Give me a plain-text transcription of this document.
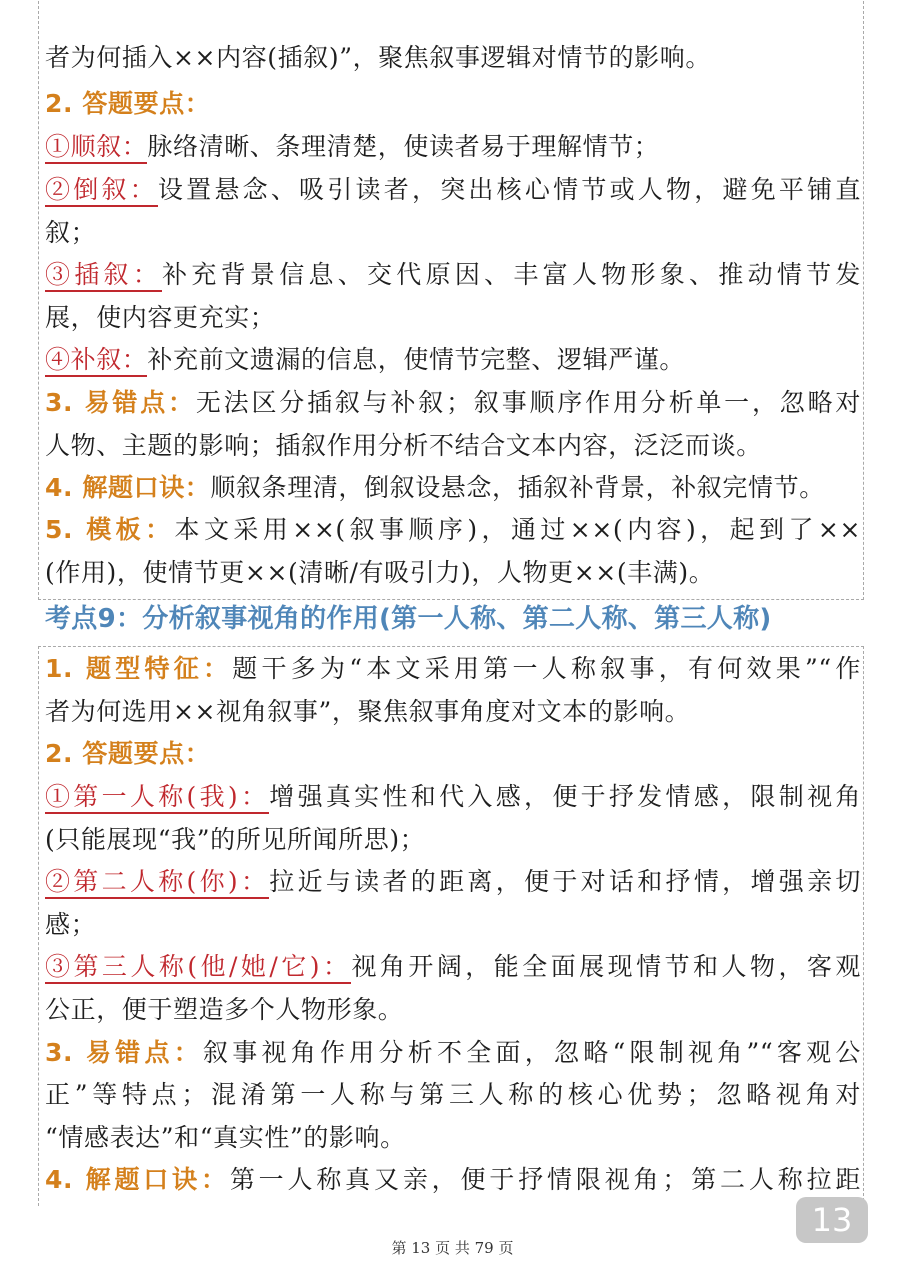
者为何插入××内容(插叙)”，聚焦叙事逻辑对情节的影响。
2. 答题要点：
①顺叙：脉络清晰、条理清楚，使读者易于理解情节；
②倒叙：设置悬念、吸引读者，突出核心情节或人物，避免平铺直
叙；
③插叙：补充背景信息、交代原因、丰富人物形象、推动情节发
展，使内容更充实；
④补叙：补充前文遗漏的信息，使情节完整、逻辑严谨。
3. 易错点：无法区分插叙与补叙；叙事顺序作用分析单一，忽略对
人物、主题的影响；插叙作用分析不结合文本内容，泛泛而谈。
4. 解题口诀：顺叙条理清，倒叙设悬念，插叙补背景，补叙完情节。
5. 模板：本文采用××(叙事顺序)，通过××(内容)，起到了××
(作用)，使情节更××(清晰/有吸引力)，人物更××(丰满)。
考点9：分析叙事视角的作用(第一人称、第二人称、第三人称)
1. 题型特征：题干多为“本文采用第一人称叙事，有何效果”“作
者为何选用××视角叙事”，聚焦叙事角度对文本的影响。
2. 答题要点：
①第一人称(我)：增强真实性和代入感，便于抒发情感，限制视角
(只能展现“我”的所见所闻所思)；
②第二人称(你)：拉近与读者的距离，便于对话和抒情，增强亲切
感；
③第三人称(他/她/它)：视角开阔，能全面展现情节和人物，客观
公正，便于塑造多个人物形象。
3. 易错点：叙事视角作用分析不全面，忽略“限制视角”“客观公
正”等特点；混淆第一人称与第三人称的核心优势；忽略视角对
“情感表达”和“真实性”的影响。
4. 解题口诀：第一人称真又亲，便于抒情限视角；第二人称拉距
13
第 13 页 共 79 页
